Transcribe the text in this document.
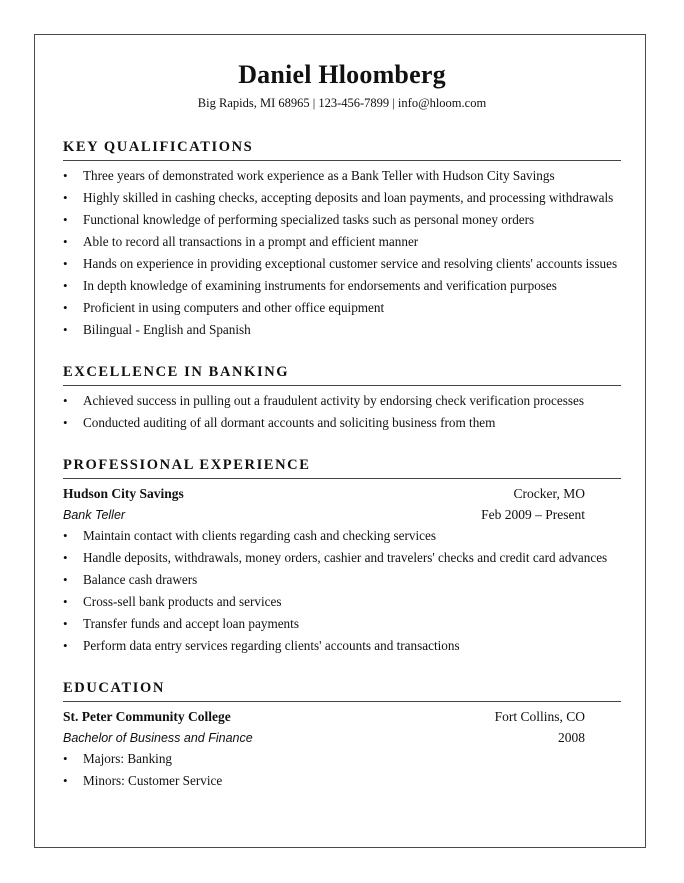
Daniel Hloomberg
Big Rapids, MI 68965 | 123-456-7899 | info@hloom.com
KEY QUALIFICATIONS
• Three years of demonstrated work experience as a Bank Teller with Hudson City Savings
• Highly skilled in cashing checks, accepting deposits and loan payments, and processing withdrawals
• Functional knowledge of performing specialized tasks such as personal money orders
• Able to record all transactions in a prompt and efficient manner
• Hands on experience in providing exceptional customer service and resolving clients' accounts issues
• In depth knowledge of examining instruments for endorsements and verification purposes
• Proficient in using computers and other office equipment
• Bilingual - English and Spanish
EXCELLENCE IN BANKING
• Achieved success in pulling out a fraudulent activity by endorsing check verification processes
• Conducted auditing of all dormant accounts and soliciting business from them
PROFESSIONAL EXPERIENCE
Hudson City Savings	Crocker, MO
Bank Teller	Feb 2009 – Present
• Maintain contact with clients regarding cash and checking services
• Handle deposits, withdrawals, money orders, cashier and travelers' checks and credit card advances
• Balance cash drawers
• Cross-sell bank products and services
• Transfer funds and accept loan payments
• Perform data entry services regarding clients' accounts and transactions
EDUCATION
St. Peter Community College	Fort Collins, CO
Bachelor of Business and Finance	2008
• Majors: Banking
• Minors: Customer Service
